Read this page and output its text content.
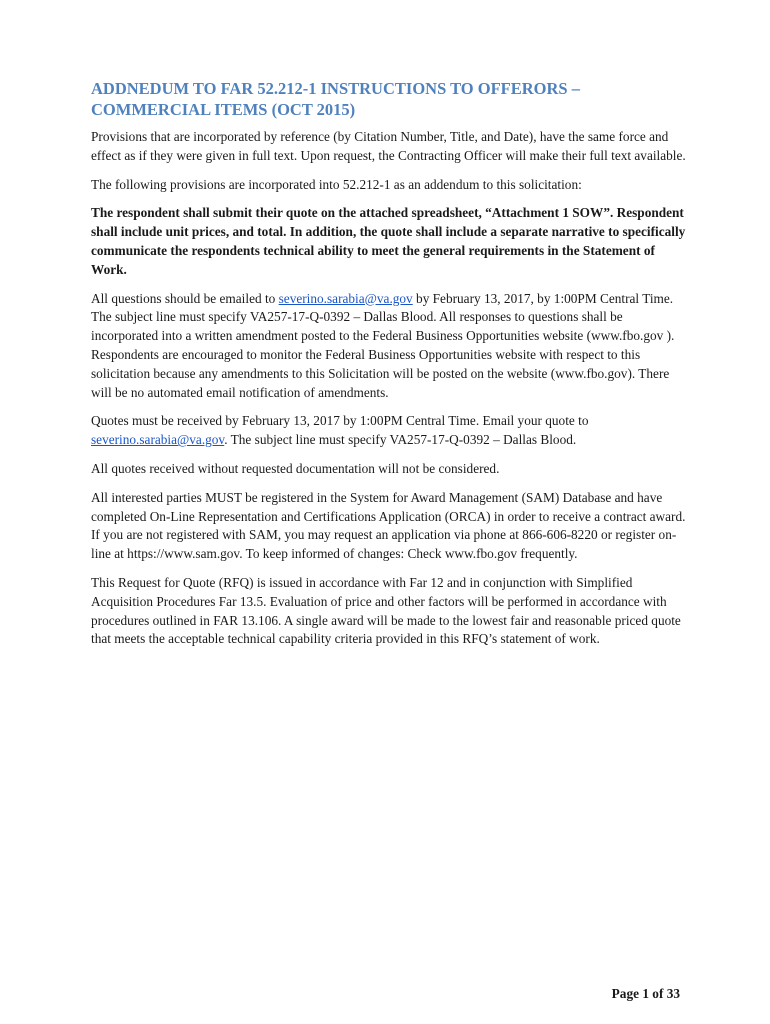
ADDNEDUM TO FAR 52.212-1 INSTRUCTIONS TO OFFERORS –
COMMERCIAL ITEMS (OCT 2015)

Provisions that are incorporated by reference (by Citation Number, Title, and Date), have the same force and effect as if they were given in full text. Upon request, the Contracting Officer will make their full text available.

The following provisions are incorporated into 52.212-1 as an addendum to this solicitation:

The respondent shall submit their quote on the attached spreadsheet, “Attachment 1 SOW”. Respondent shall include unit prices, and total. In addition, the quote shall include a separate narrative to specifically communicate the respondents technical ability to meet the general requirements in the Statement of Work.

All questions should be emailed to severino.sarabia@va.gov by February 13, 2017, by 1:00PM Central Time. The subject line must specify VA257-17-Q-0392 – Dallas Blood. All responses to questions shall be incorporated into a written amendment posted to the Federal Business Opportunities website (www.fbo.gov ). Respondents are encouraged to monitor the Federal Business Opportunities website with respect to this solicitation because any amendments to this Solicitation will be posted on the website (www.fbo.gov). There will be no automated email notification of amendments.

Quotes must be received by February 13, 2017 by 1:00PM Central Time. Email your quote to severino.sarabia@va.gov. The subject line must specify VA257-17-Q-0392 – Dallas Blood.

All quotes received without requested documentation will not be considered.

All interested parties MUST be registered in the System for Award Management (SAM) Database and have completed On-Line Representation and Certifications Application (ORCA) in order to receive a contract award. If you are not registered with SAM, you may request an application via phone at 866-606-8220 or register on-line at https://www.sam.gov. To keep informed of changes: Check www.fbo.gov frequently.

This Request for Quote (RFQ) is issued in accordance with Far 12 and in conjunction with Simplified Acquisition Procedures Far 13.5. Evaluation of price and other factors will be performed in accordance with procedures outlined in FAR 13.106. A single award will be made to the lowest fair and reasonable priced quote that meets the acceptable technical capability criteria provided in this RFQ’s statement of work.

Page 1 of 33
